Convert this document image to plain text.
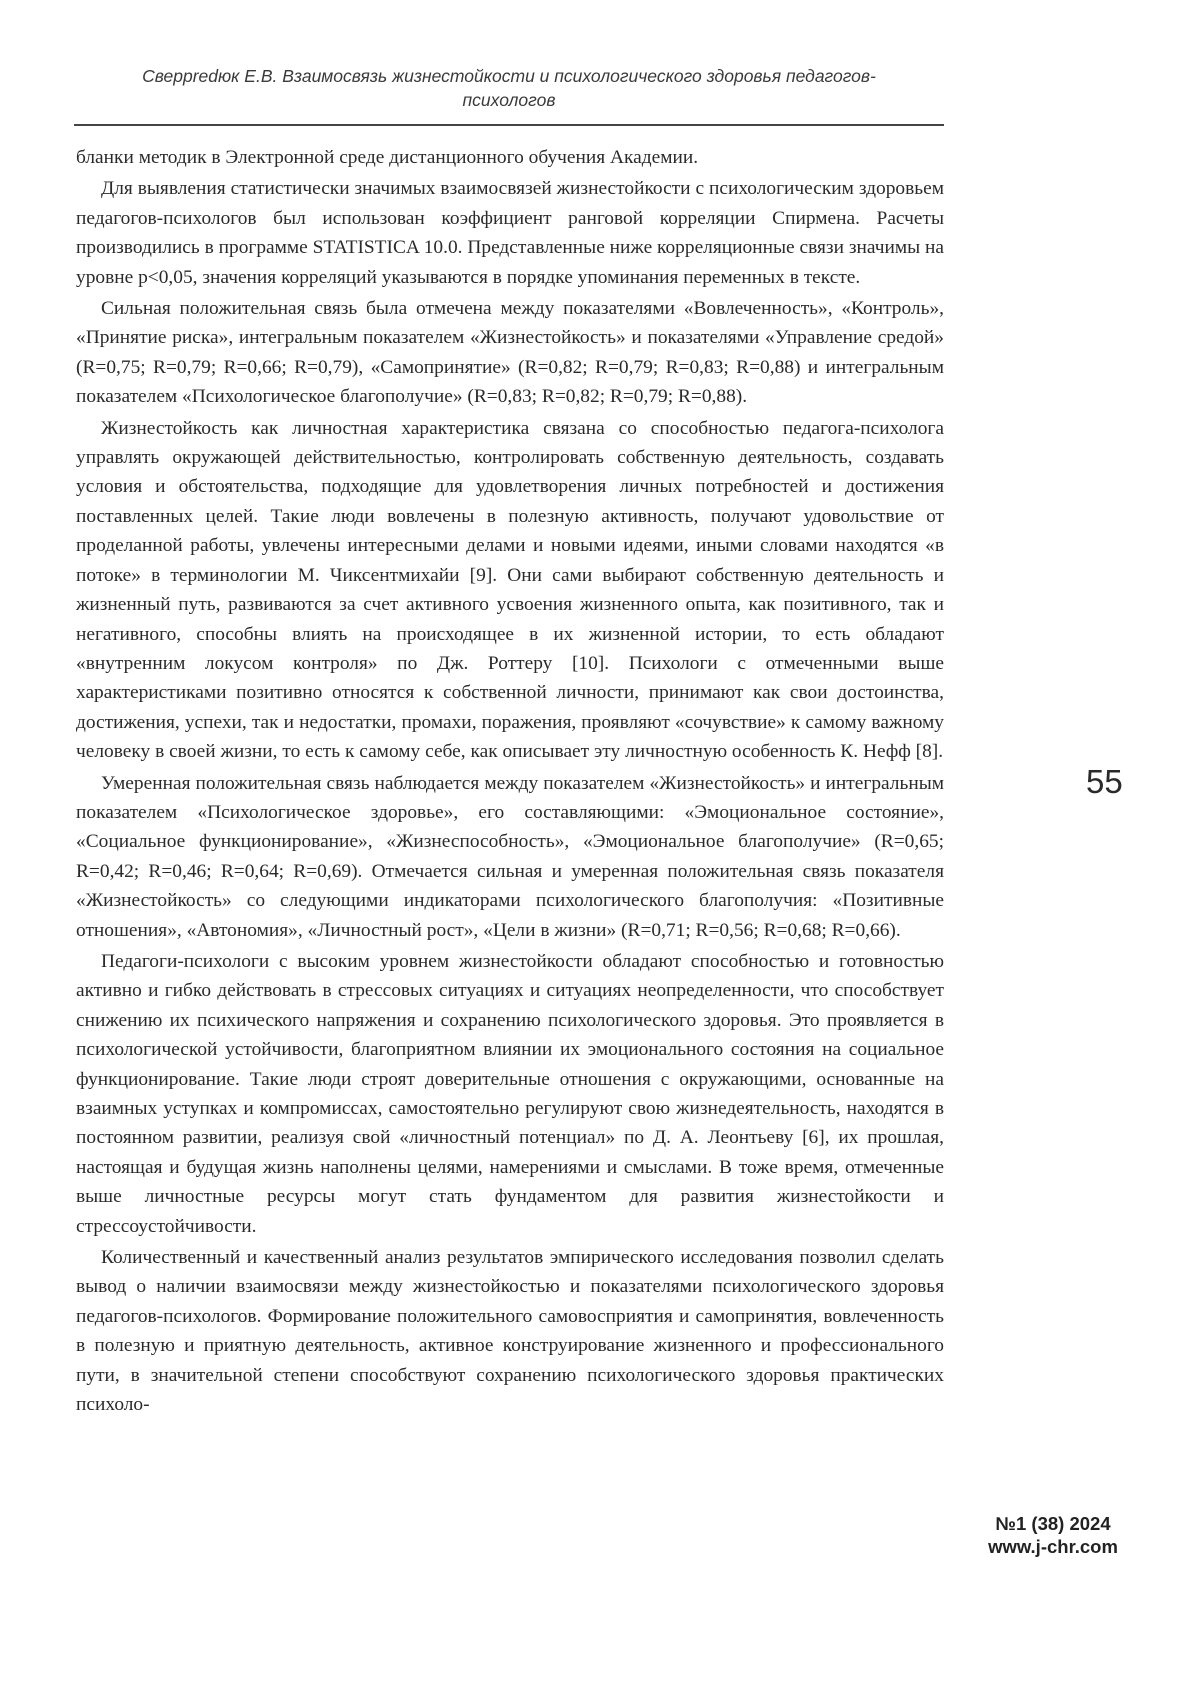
Сверpredюк Е.В. Взаимосвязь жизнестойкости и психологического здоровья педагогов-
психологов

бланки методик в Электронной среде дистанционного обучения Академии.

Для выявления статистически значимых взаимосвязей жизнестойкости с психологическим здоровьем педагогов-психологов был использован коэффициент ранговой корреляции Спирмена. Расчеты производились в программе STATISTICA 10.0. Представленные ниже корреляционные связи значимы на уровне p<0,05, значения корреляций указываются в порядке упоминания переменных в тексте.

Сильная положительная связь была отмечена между показателями «Вовлеченность», «Контроль», «Принятие риска», интегральным показателем «Жизнестойкость» и показателями «Управление средой» (R=0,75; R=0,79; R=0,66; R=0,79), «Самопринятие» (R=0,82; R=0,79; R=0,83; R=0,88) и интегральным показателем «Психологическое благополучие» (R=0,83; R=0,82; R=0,79; R=0,88).

Жизнестойкость как личностная характеристика связана со способностью педагога-психолога управлять окружающей действительностью, контролировать собственную деятельность, создавать условия и обстоятельства, подходящие для удовлетворения личных потребностей и достижения поставленных целей. Такие люди вовлечены в полезную активность, получают удовольствие от проделанной работы, увлечены интересными делами и новыми идеями, иными словами находятся «в потоке» в терминологии М. Чиксентмихайи [9]. Они сами выбирают собственную деятельность и жизненный путь, развиваются за счет активного усвоения жизненного опыта, как позитивного, так и негативного, способны влиять на происходящее в их жизненной истории, то есть обладают «внутренним локусом контроля» по Дж. Роттеру [10]. Психологи с отмеченными выше характеристиками позитивно относятся к собственной личности, принимают как свои достоинства, достижения, успехи, так и недостатки, промахи, поражения, проявляют «сочувствие» к самому важному человеку в своей жизни, то есть к самому себе, как описывает эту личностную особенность К. Нефф [8].

Умеренная положительная связь наблюдается между показателем «Жизнестойкость» и интегральным показателем «Психологическое здоровье», его составляющими: «Эмоциональное состояние», «Социальное функционирование», «Жизнеспособность», «Эмоциональное благополучие» (R=0,65; R=0,42; R=0,46; R=0,64; R=0,69). Отмечается сильная и умеренная положительная связь показателя «Жизнестойкость» со следующими индикаторами психологического благополучия: «Позитивные отношения», «Автономия», «Личностный рост», «Цели в жизни» (R=0,71; R=0,56; R=0,68; R=0,66).

Педагоги-психологи с высоким уровнем жизнестойкости обладают способностью и готовностью активно и гибко действовать в стрессовых ситуациях и ситуациях неопределенности, что способствует снижению их психического напряжения и сохранению психологического здоровья. Это проявляется в психологической устойчивости, благоприятном влиянии их эмоционального состояния на социальное функционирование. Такие люди строят доверительные отношения с окружающими, основанные на взаимных уступках и компромиссах, самостоятельно регулируют свою жизнедеятельность, находятся в постоянном развитии, реализуя свой «личностный потенциал» по Д. А. Леонтьеву [6], их прошлая, настоящая и будущая жизнь наполнены целями, намерениями и смыслами. В тоже время, отмеченные выше личностные ресурсы могут стать фундаментом для развития жизнестойкости и стрессоустойчивости.

Количественный и качественный анализ результатов эмпирического исследования позволил сделать вывод о наличии взаимосвязи между жизнестойкостью и показателями психологического здоровья педагогов-психологов. Формирование положительного самовосприятия и самопринятия, вовлеченность в полезную и приятную деятельность, активное конструирование жизненного и профессионального пути, в значительной степени способствуют сохранению психологического здоровья практических психоло-

55
№1 (38) 2024
www.j-chr.com
